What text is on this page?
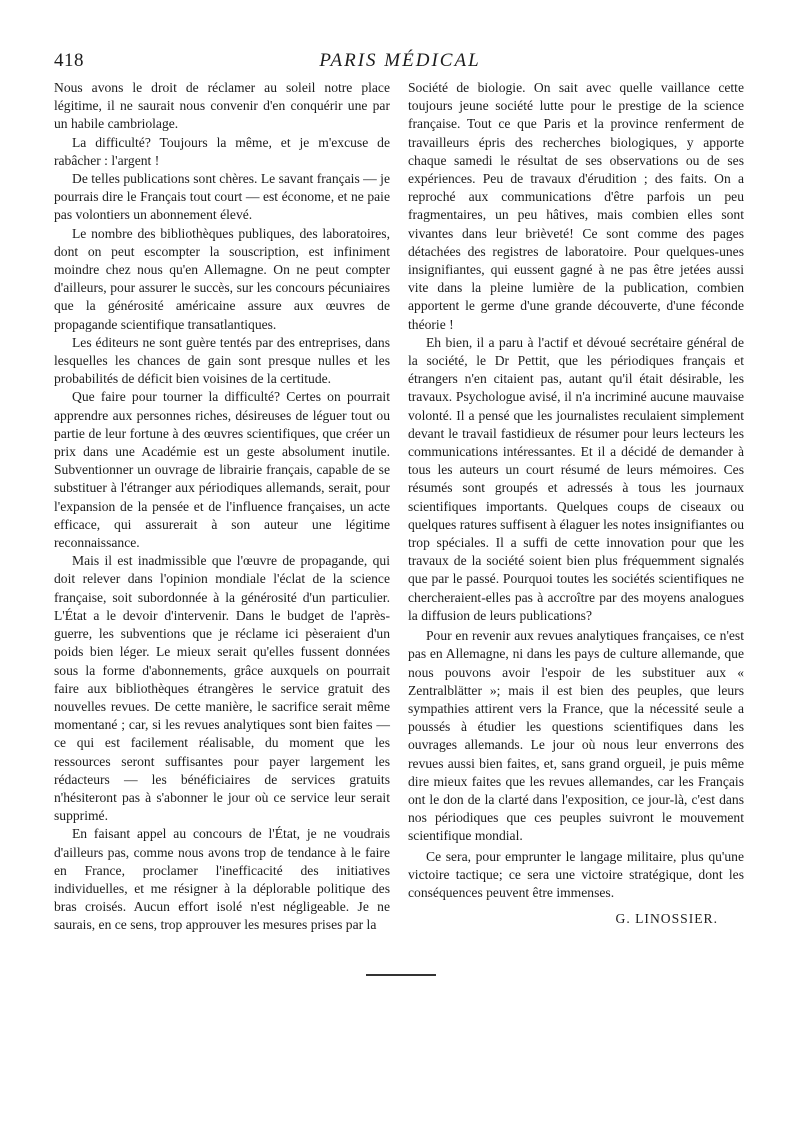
418	PARIS MÉDICAL

Nous avons le droit de réclamer au soleil notre place légitime, il ne saurait nous convenir d'en conquérir une par un habile cambriolage.

La difficulté? Toujours la même, et je m'excuse de rabâcher : l'argent !

De telles publications sont chères. Le savant français — je pourrais dire le Français tout court — est économe, et ne paie pas volontiers un abonnement élevé.

Le nombre des bibliothèques publiques, des laboratoires, dont on peut escompter la souscription, est infiniment moindre chez nous qu'en Allemagne. On ne peut compter d'ailleurs, pour assurer le succès, sur les concours pécuniaires que la générosité américaine assure aux œuvres de propagande scientifique transatlantiques.

Les éditeurs ne sont guère tentés par des entreprises, dans lesquelles les chances de gain sont presque nulles et les probabilités de déficit bien voisines de la certitude.

Que faire pour tourner la difficulté? Certes on pourrait apprendre aux personnes riches, désireuses de léguer tout ou partie de leur fortune à des œuvres scientifiques, que créer un prix dans une Académie est un geste absolument inutile. Subventionner un ouvrage de librairie français, capable de se substituer à l'étranger aux périodiques allemands, serait, pour l'expansion de la pensée et de l'influence françaises, un acte efficace, qui assurerait à son auteur une légitime reconnaissance.

Mais il est inadmissible que l'œuvre de propagande, qui doit relever dans l'opinion mondiale l'éclat de la science française, soit subordonnée à la générosité d'un particulier. L'État a le devoir d'intervenir. Dans le budget de l'après-guerre, les subventions que je réclame ici pèseraient d'un poids bien léger. Le mieux serait qu'elles fussent données sous la forme d'abonnements, grâce auxquels on pourrait faire aux bibliothèques étrangères le service gratuit des nouvelles revues. De cette manière, le sacrifice serait même momentané ; car, si les revues analytiques sont bien faites — ce qui est facilement réalisable, du moment que les ressources seront suffisantes pour payer largement les rédacteurs — les bénéficiaires de services gratuits n'hésiteront pas à s'abonner le jour où ce service leur serait supprimé.

En faisant appel au concours de l'État, je ne voudrais d'ailleurs pas, comme nous avons trop de tendance à le faire en France, proclamer l'inefficacité des initiatives individuelles, et me résigner à la déplorable politique des bras croisés. Aucun effort isolé n'est négligeable. Je ne saurais, en ce sens, trop approuver les mesures prises par la

Société de biologie. On sait avec quelle vaillance cette toujours jeune société lutte pour le prestige de la science française. Tout ce que Paris et la province renferment de travailleurs épris des recherches biologiques, y apporte chaque samedi le résultat de ses observations ou de ses expériences. Peu de travaux d'érudition ; des faits. On a reproché aux communications d'être parfois un peu fragmentaires, un peu hâtives, mais combien elles sont vivantes dans leur brièveté! Ce sont comme des pages détachées des registres de laboratoire. Pour quelques-unes insignifiantes, qui eussent gagné à ne pas être jetées aussi vite dans la pleine lumière de la publication, combien apportent le germe d'une grande découverte, d'une féconde théorie !

Eh bien, il a paru à l'actif et dévoué secrétaire général de la société, le Dr Pettit, que les périodiques français et étrangers n'en citaient pas, autant qu'il était désirable, les travaux. Psychologue avisé, il n'a incriminé aucune mauvaise volonté. Il a pensé que les journalistes reculaient simplement devant le travail fastidieux de résumer pour leurs lecteurs les communications intéressantes. Et il a décidé de demander à tous les auteurs un court résumé de leurs mémoires. Ces résumés sont groupés et adressés à tous les journaux scientifiques importants. Quelques coups de ciseaux ou quelques ratures suffisent à élaguer les notes insignifiantes ou trop spéciales. Il a suffi de cette innovation pour que les travaux de la société soient bien plus fréquemment signalés que par le passé. Pourquoi toutes les sociétés scientifiques ne chercheraient-elles pas à accroître par des moyens analogues la diffusion de leurs publications?

Pour en revenir aux revues analytiques françaises, ce n'est pas en Allemagne, ni dans les pays de culture allemande, que nous pouvons avoir l'espoir de les substituer aux « Zentralblätter »; mais il est bien des peuples, que leurs sympathies attirent vers la France, que la nécessité seule a poussés à étudier les questions scientifiques dans les ouvrages allemands. Le jour où nous leur enverrons des revues aussi bien faites, et, sans grand orgueil, je puis même dire mieux faites que les revues allemandes, car les Français ont le don de la clarté dans l'exposition, ce jour-là, c'est dans nos périodiques que ces peuples suivront le mouvement scientifique mondial.

Ce sera, pour emprunter le langage militaire, plus qu'une victoire tactique; ce sera une victoire stratégique, dont les conséquences peuvent être immenses.

G. LINOSSIER.
